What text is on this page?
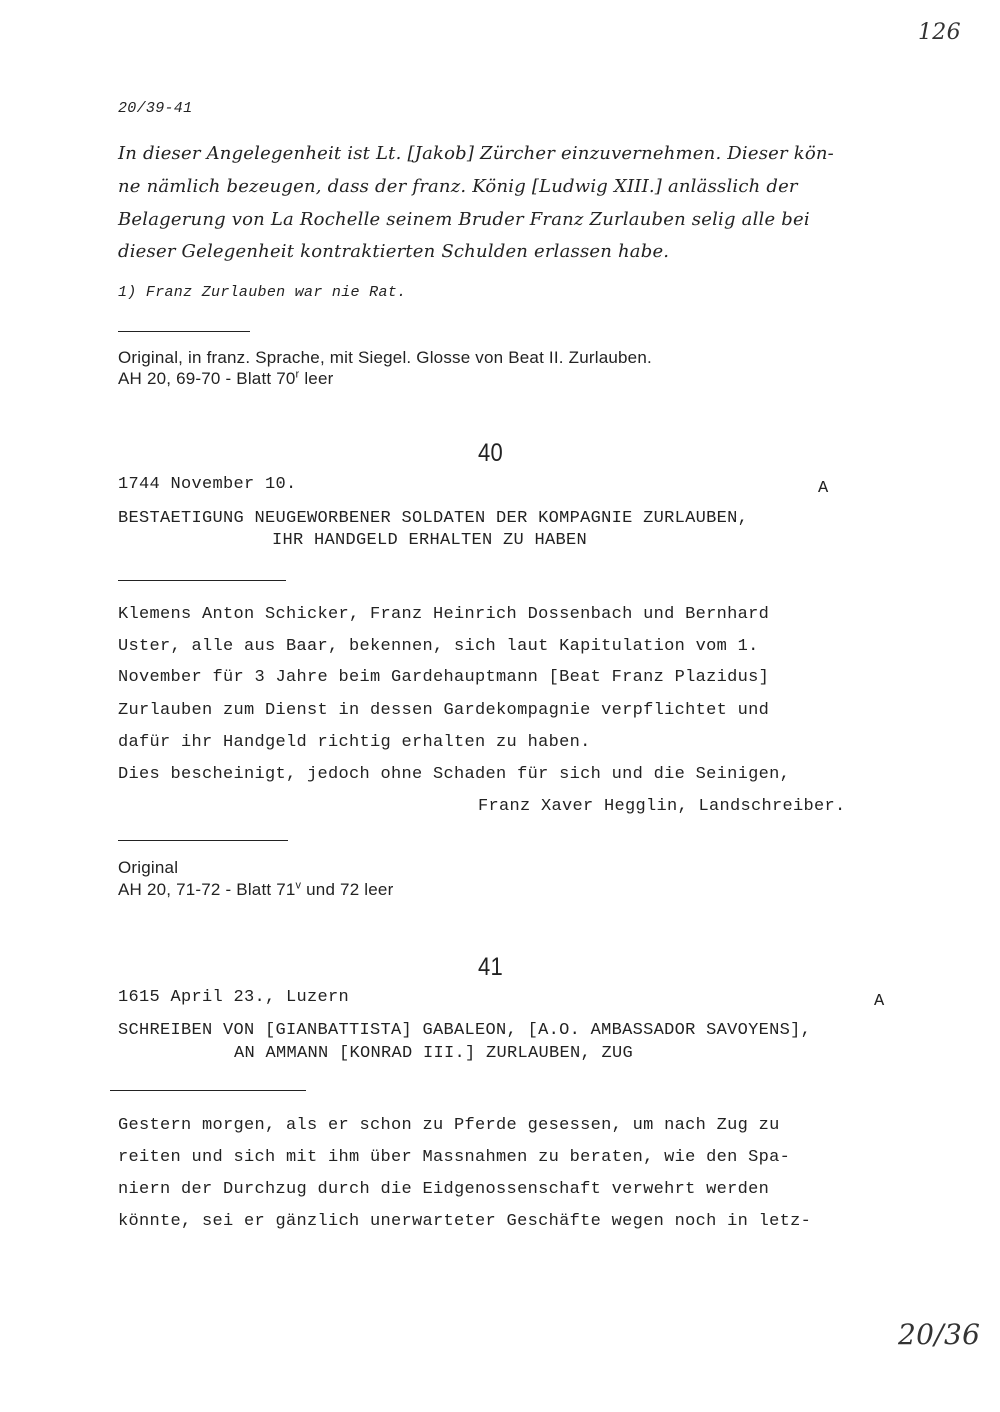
126
20/36
20/39-41
In dieser Angelegenheit ist Lt. [Jakob] Zürcher einzuvernehmen. Dieser kön-
ne nämlich bezeugen, dass der franz. König [Ludwig XIII.] anlässlich der
Belagerung von La Rochelle seinem Bruder Franz Zurlauben selig alle bei
dieser Gelegenheit kontraktierten Schulden erlassen habe.
1) Franz Zurlauben war nie Rat.
Original, in franz. Sprache, mit Siegel. Glosse von Beat II. Zurlauben.
AH 20, 69-70 - Blatt 70$^r$ leer
40
1744 November 10.	A
BESTAETIGUNG NEUGEWORBENER SOLDATEN DER KOMPAGNIE ZURLAUBEN,
IHR HANDGELD ERHALTEN ZU HABEN
Klemens Anton Schicker, Franz Heinrich Dossenbach und Bernhard
Uster, alle aus Baar, bekennen, sich laut Kapitulation vom 1.
November für 3 Jahre beim Gardehauptmann [Beat Franz Plazidus]
Zurlauben zum Dienst in dessen Gardekompagnie verpflichtet und
dafür ihr Handgeld richtig erhalten zu haben.
Dies bescheinigt, jedoch ohne Schaden für sich und die Seinigen,
Franz Xaver Hegglin, Landschreiber.
Original
AH 20, 71-72 - Blatt 71$^v$ und 72 leer
41
1615 April 23., Luzern	A
SCHREIBEN VON [GIANBATTISTA] GABALEON, [A.O. AMBASSADOR SAVOYENS],
AN AMMANN [KONRAD III.] ZURLAUBEN, ZUG
Gestern morgen, als er schon zu Pferde gesessen, um nach Zug zu
reiten und sich mit ihm über Massnahmen zu beraten, wie den Spa-
niern der Durchzug durch die Eidgenossenschaft verwehrt werden
könnte, sei er gänzlich unerwarteter Geschäfte wegen noch in letz-
